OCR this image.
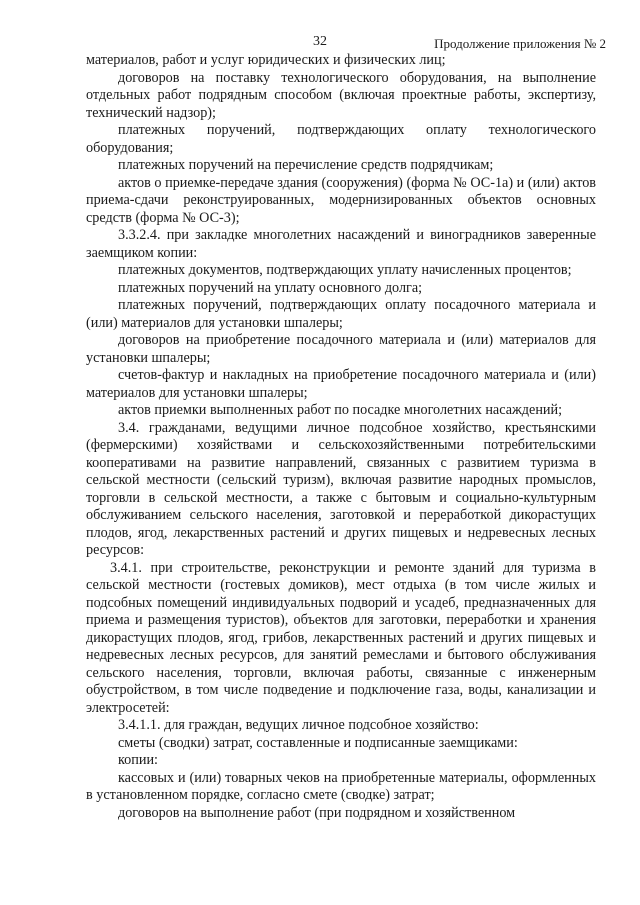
32	Продолжение приложения № 2

материалов, работ и услуг юридических и физических лиц;

договоров на поставку технологического оборудования, на выполнение отдельных работ подрядным способом (включая проектные работы, экспертизу, технический надзор);

платежных поручений, подтверждающих оплату технологического оборудования;

платежных поручений на перечисление средств подрядчикам;

актов о приемке-передаче здания (сооружения) (форма № ОС-1а) и (или) актов приема-сдачи реконструированных, модернизированных объектов основных средств (форма № ОС-3);

3.3.2.4. при закладке многолетних насаждений и виноградников заверенные заемщиком копии:

платежных документов, подтверждающих уплату начисленных процентов;

платежных поручений на уплату основного долга;

платежных поручений, подтверждающих оплату посадочного материала и (или) материалов для установки шпалеры;

договоров на приобретение посадочного материала и (или) материалов для установки шпалеры;

счетов-фактур и накладных на приобретение посадочного материала и (или) материалов для установки шпалеры;

актов приемки выполненных работ по посадке многолетних насаждений;

3.4. гражданами, ведущими личное подсобное хозяйство, крестьянскими (фермерскими) хозяйствами и сельскохозяйственными потребительскими кооперативами на развитие направлений, связанных с развитием туризма в сельской местности (сельский туризм), включая развитие народных промыслов, торговли в сельской местности, а также с бытовым и социально-культурным обслуживанием сельского населения, заготовкой и переработкой дикорастущих плодов, ягод, лекарственных растений и других пищевых и недревесных лесных ресурсов:

3.4.1. при строительстве, реконструкции и ремонте зданий для туризма в сельской местности (гостевых домиков), мест отдыха (в том числе жилых и подсобных помещений индивидуальных подворий и усадеб, предназначенных для приема и размещения туристов), объектов для заготовки, переработки и хранения дикорастущих плодов, ягод, грибов, лекарственных растений и других пищевых и недревесных лесных ресурсов, для занятий ремеслами и бытового обслуживания сельского населения, торговли, включая работы, связанные с инженерным обустройством, в том числе подведение и подключение газа, воды, канализации и электросетей:

3.4.1.1. для граждан, ведущих личное подсобное хозяйство:

сметы (сводки) затрат, составленные и подписанные заемщиками:

копии:

кассовых и (или) товарных чеков на приобретенные материалы, оформленных в установленном порядке, согласно смете (сводке) затрат;

договоров на выполнение работ (при подрядном и хозяйственном
